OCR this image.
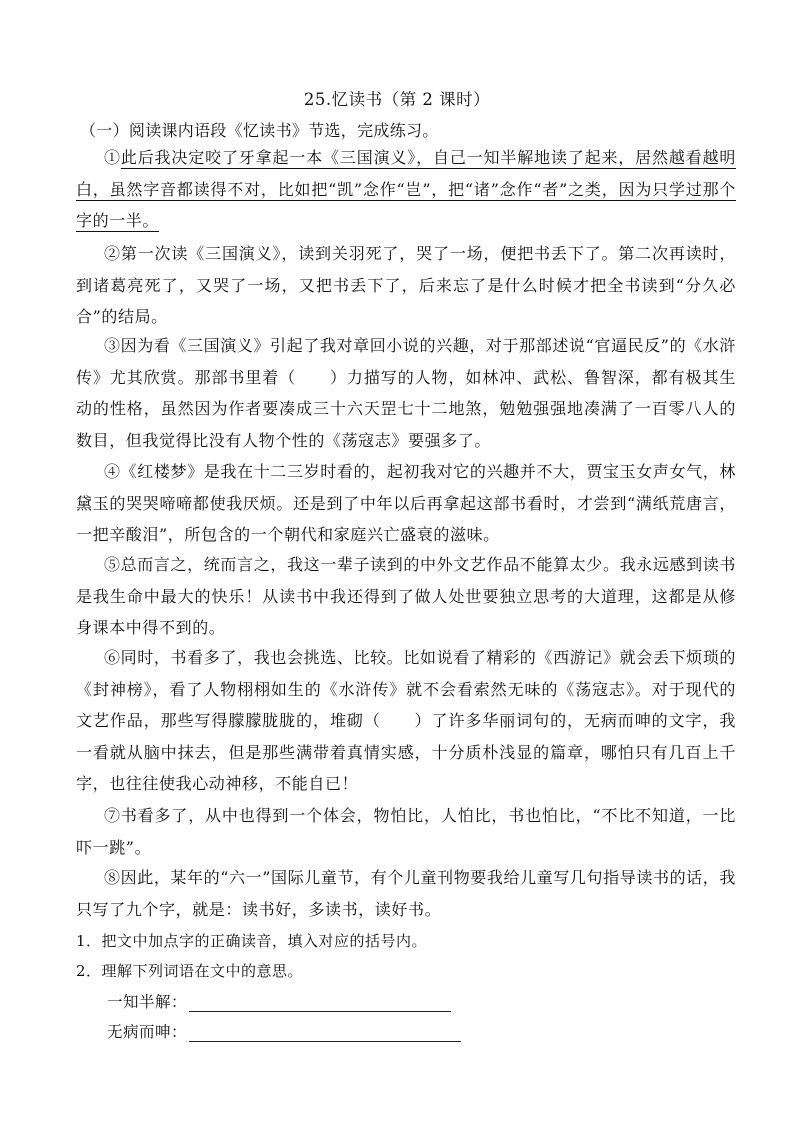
25.忆读书（第 2 课时）
（一）阅读课内语段《忆读书》节选，完成练习。

①此后我决定咬了牙拿起一本《三国演义》，自己一知半解地读了起来，居然越看越明白，虽然字音都读得不对，比如把“凯”念作“岂”，把“诸”念作“者”之类，因为只学过那个字的一半。

②第一次读《三国演义》，读到关羽死了，哭了一场，便把书丢下了。第二次再读时，到诸葛亮死了，又哭了一场，又把书丢下了，后来忘了是什么时候才把全书读到“分久必合”的结局。

③因为看《三国演义》引起了我对章回小说的兴趣，对于那部述说“官逼民反”的《水浒传》尤其欣赏。那部书里着（　　）力描写的人物，如林冲、武松、鲁智深，都有极其生动的性格，虽然因为作者要凑成三十六天罡七十二地煞，勉勉强强地凑满了一百零八人的数目，但我觉得比没有人物个性的《荡寇志》要强多了。

④《红楼梦》是我在十二三岁时看的，起初我对它的兴趣并不大，贾宝玉女声女气，林黛玉的哭哭啼啼都使我厌烦。还是到了中年以后再拿起这部书看时，才尝到“满纸荒唐言，一把辛酸泪”，所包含的一个朝代和家庭兴亡盛衰的滋味。

⑤总而言之，统而言之，我这一辈子读到的中外文艺作品不能算太少。我永远感到读书是我生命中最大的快乐！从读书中我还得到了做人处世要独立思考的大道理，这都是从修身课本中得不到的。

⑥同时，书看多了，我也会挑选、比较。比如说看了精彩的《西游记》就会丢下烦琐的《封神榜》，看了人物栩栩如生的《水浒传》就不会看索然无味的《荡寇志》。对于现代的文艺作品，那些写得朦朦胧胧的，堆砌（　　）了许多华丽词句的，无病而呻的文字，我一看就从脑中抹去，但是那些满带着真情实感，十分质朴浅显的篇章，哪怕只有几百上千字，也往往使我心动神移，不能自已！

⑦书看多了，从中也得到一个体会，物怕比，人怕比，书也怕比，“不比不知道，一比吓一跳”。

⑧因此，某年的“六一”国际儿童节，有个儿童刊物要我给儿童写几句指导读书的话，我只写了九个字，就是：读书好，多读书，读好书。

1．把文中加点字的正确读音，填入对应的括号内。
2．理解下列词语在文中的意思。
一知半解：
无病而呻：
